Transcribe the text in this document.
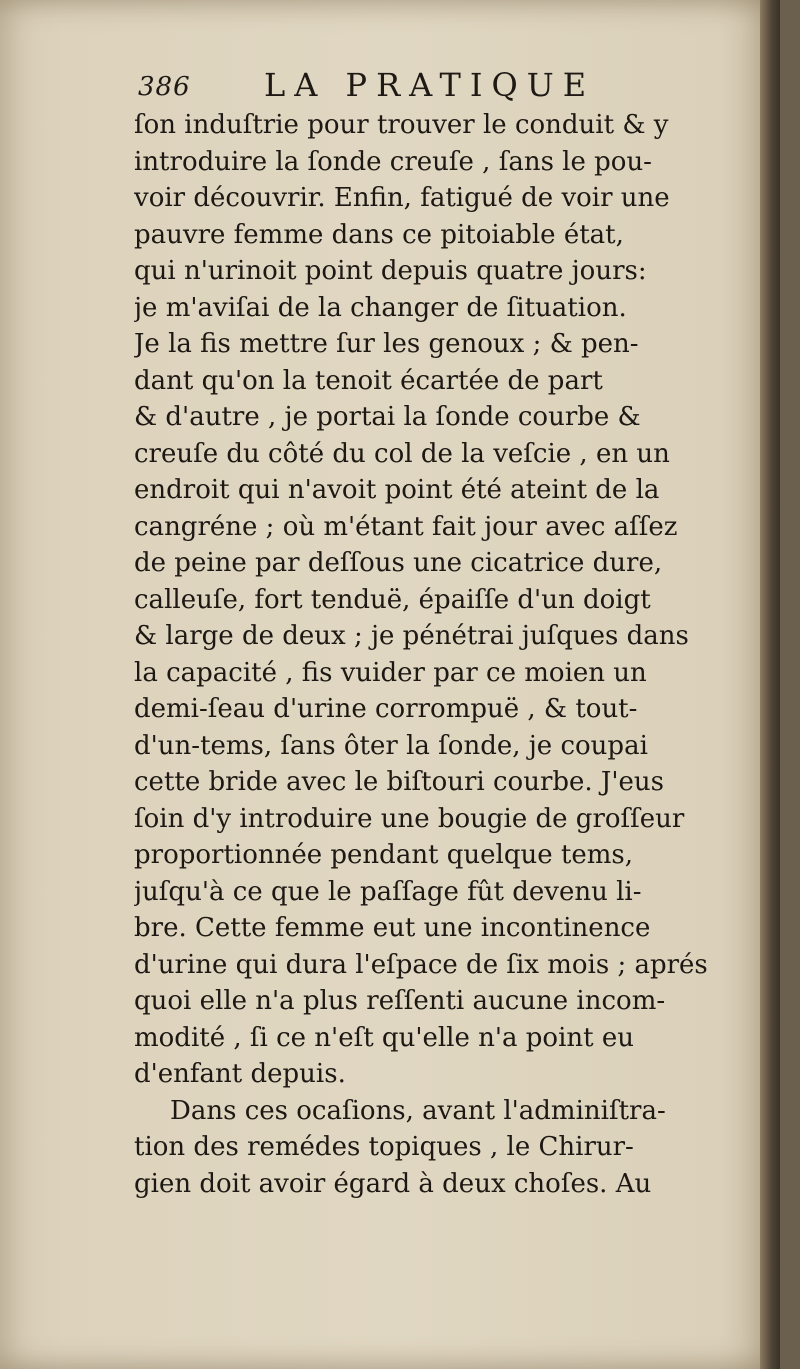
386 LA PRATIQUE
ſon induſtrie pour trouver le conduit & y
introduire la ſonde creuſe , ſans le pou-
voir découvrir. Enfin, fatigué de voir une
pauvre femme dans ce pitoiable état,
qui n'urinoit point depuis quatre jours:
je m'aviſai de la changer de ſituation.
Je la fis mettre ſur les genoux ; & pen-
dant qu'on la tenoit écartée de part
& d'autre , je portai la ſonde courbe &
creuſe du côté du col de la veſcie , en un
endroit qui n'avoit point été ateint de la
cangréne ; où m'étant fait jour avec aſſez
de peine par deſſous une cicatrice dure,
calleuſe, fort tenduë, épaiſſe d'un doigt
& large de deux ; je pénétrai juſques dans
la capacité , fis vuider par ce moien un
demi-ſeau d'urine corrompuë , & tout-
d'un-tems, ſans ôter la ſonde, je coupai
cette bride avec le biſtouri courbe. J'eus
ſoin d'y introduire une bougie de groſſeur
proportionnée pendant quelque tems,
juſqu'à ce que le paſſage fût devenu li-
bre. Cette femme eut une incontinence
d'urine qui dura l'eſpace de ſix mois ; aprés
quoi elle n'a plus reſſenti aucune incom-
modité , ſi ce n'eſt qu'elle n'a point eu
d'enfant depuis.
Dans ces ocaſions, avant l'adminiſtra-
tion des remédes topiques , le Chirur-
gien doit avoir égard à deux choſes. Au
